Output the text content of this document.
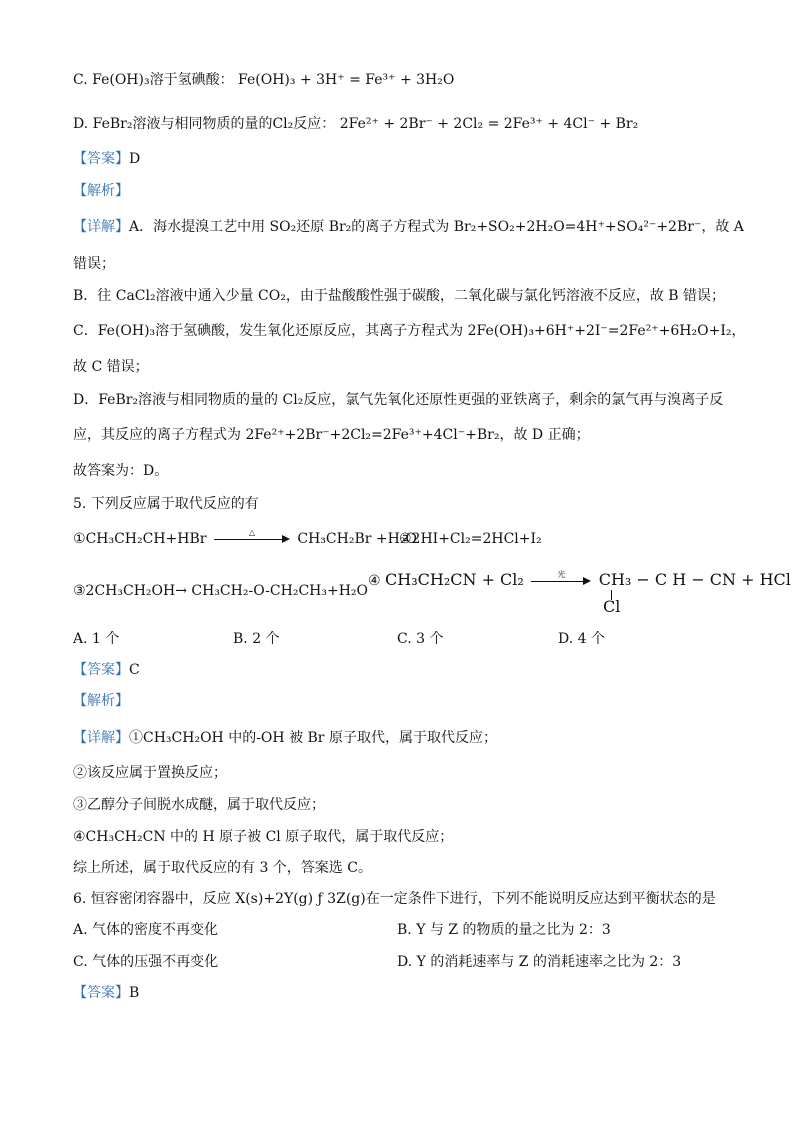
C. Fe(OH)₃溶于氢碘酸： Fe(OH)₃ + 3H⁺ = Fe³⁺ + 3H₂O
D. FeBr₂溶液与相同物质的量的Cl₂反应： 2Fe²⁺ + 2Br⁻ + 2Cl₂ = 2Fe³⁺ + 4Cl⁻ + Br₂
【答案】D
【解析】
【详解】A．海水提溴工艺中用 SO₂还原 Br₂的离子方程式为 Br₂+SO₂+2H₂O=4H⁺+SO₄²⁻+2Br⁻，故 A
错误；
B．往 CaCl₂溶液中通入少量 CO₂，由于盐酸酸性强于碳酸，二氧化碳与氯化钙溶液不反应，故 B 错误；
C．Fe(OH)₃溶于氢碘酸，发生氧化还原反应，其离子方程式为 2Fe(OH)₃+6H⁺+2I⁻=2Fe²⁺+6H₂O+I₂，
故 C 错误；
D．FeBr₂溶液与相同物质的量的 Cl₂反应，氯气先氧化还原性更强的亚铁离子，剩余的氯气再与溴离子反
应，其反应的离子方程式为 2Fe²⁺+2Br⁻+2Cl₂=2Fe³⁺+4Cl⁻+Br₂，故 D 正确；
故答案为：D。
5. 下列反应属于取代反应的有
①CH₃CH₂CH+HBr	△	CH₃CH₂Br +H₂O
②2HI+Cl₂=2HCl+I₂
③2CH₃CH₂OH→ CH₃CH₂-O-CH₂CH₃+H₂O
④ CH₃CH₂CN + Cl₂	光	CH₃ − C H − CN + HCl
Cl
A. 1 个	B. 2 个	C. 3 个	D. 4 个
【答案】C
【解析】
【详解】①CH₃CH₂OH 中的-OH 被 Br 原子取代，属于取代反应；
②该反应属于置换反应；
③乙醇分子间脱水成醚，属于取代反应；
④CH₃CH₂CN 中的 H 原子被 Cl 原子取代，属于取代反应；
综上所述，属于取代反应的有 3 个，答案选 C。
6. 恒容密闭容器中，反应 X(s)+2Y(g) ƒ 3Z(g)在一定条件下进行，下列不能说明反应达到平衡状态的是
A. 气体的密度不再变化	B. Y 与 Z 的物质的量之比为 2：3
C. 气体的压强不再变化	D. Y 的消耗速率与 Z 的消耗速率之比为 2：3
【答案】B
